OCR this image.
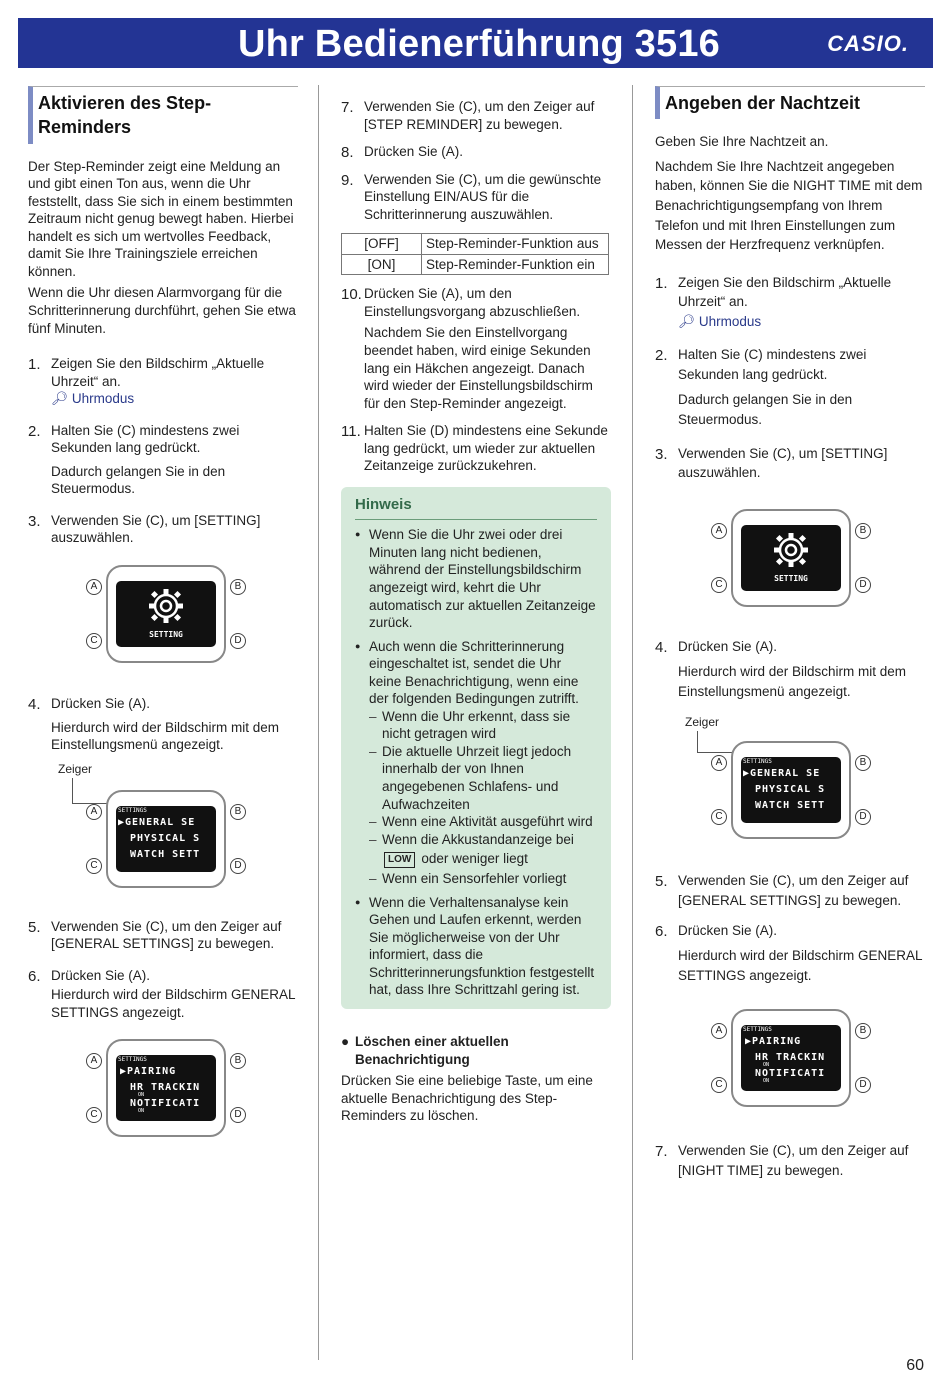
Uhr Bedienerführung 3516	CASIO.
Aktivieren des Step-Reminders

Der Step-Reminder zeigt eine Meldung an und gibt einen Ton aus, wenn die Uhr feststellt, dass Sie sich in einem bestimmten Zeitraum nicht genug bewegt haben. Hierbei handelt es sich um wertvolles Feedback, damit Sie Ihre Trainingsziele erreichen können.

Wenn die Uhr diesen Alarmvorgang für die Schritterinnerung durchführt, gehen Sie etwa fünf Minuten.

1. Zeigen Sie den Bildschirm „Aktuelle Uhrzeit“ an.
🔎︎ Uhrmodus
2. Halten Sie (C) mindestens zwei Sekunden lang gedrückt.
Dadurch gelangen Sie in den Steuermodus.
3. Verwenden Sie (C), um [SETTING] auszuwählen.
A	B
C	D
SETTING
4. Drücken Sie (A).
Hierdurch wird der Bildschirm mit dem Einstellungsmenü angezeigt.
Zeiger
A	B
C	D
SETTINGS
▶GENERAL SE
PHYSICAL S
WATCH SETT
5. Verwenden Sie (C), um den Zeiger auf [GENERAL SETTINGS] zu bewegen.
6. Drücken Sie (A).
Hierdurch wird der Bildschirm GENERAL SETTINGS angezeigt.
A	B
C	D
SETTINGS
▶PAIRING
HR TRACKIN
ON
NOTIFICATI
ON
7. Verwenden Sie (C), um den Zeiger auf [STEP REMINDER] zu bewegen.
8. Drücken Sie (A).
9. Verwenden Sie (C), um die gewünschte Einstellung EIN/AUS für die Schritterinnerung auszuwählen.
[OFF]	Step-Reminder-Funktion aus
[ON]	Step-Reminder-Funktion ein
10. Drücken Sie (A), um den Einstellungsvorgang abzuschließen.
Nachdem Sie den Einstellvorgang beendet haben, wird einige Sekunden lang ein Häkchen angezeigt. Danach wird wieder der Einstellungsbildschirm für den Step-Reminder angezeigt.
11. Halten Sie (D) mindestens eine Sekunde lang gedrückt, um wieder zur aktuellen Zeitanzeige zurückzukehren.
Hinweis
● Wenn Sie die Uhr zwei oder drei Minuten lang nicht bedienen, während der Einstellungsbildschirm angezeigt wird, kehrt die Uhr automatisch zur aktuellen Zeitanzeige zurück.
● Auch wenn die Schritterinnerung eingeschaltet ist, sendet die Uhr keine Benachrichtigung, wenn eine der folgenden Bedingungen zutrifft.
– Wenn die Uhr erkennt, dass sie nicht getragen wird
– Die aktuelle Uhrzeit liegt jedoch innerhalb der von Ihnen angegebenen Schlafens- und Aufwachzeiten
– Wenn eine Aktivität ausgeführt wird
– Wenn die Akkustandanzeige bei
LOW oder weniger liegt
– Wenn ein Sensorfehler vorliegt
● Wenn die Verhaltensanalyse kein Gehen und Laufen erkennt, werden Sie möglicherweise von der Uhr informiert, dass die Schritterinnerungsfunktion festgestellt hat, dass Ihre Schrittzahl gering ist.
● Löschen einer aktuellen Benachrichtigung

Drücken Sie eine beliebige Taste, um eine aktuelle Benachrichtigung des Step-Reminders zu löschen.

Angeben der Nachtzeit

Geben Sie Ihre Nachtzeit an.

Nachdem Sie Ihre Nachtzeit angegeben haben, können Sie die NIGHT TIME mit dem Benachrichtigungsempfang von Ihrem Telefon und mit Ihren Einstellungen zum Messen der Herzfrequenz verknüpfen.

1. Zeigen Sie den Bildschirm „Aktuelle Uhrzeit“ an.
🔎︎ Uhrmodus
2. Halten Sie (C) mindestens zwei Sekunden lang gedrückt.
Dadurch gelangen Sie in den Steuermodus.
3. Verwenden Sie (C), um [SETTING] auszuwählen.
A	B
C	D
SETTING
4. Drücken Sie (A).
Hierdurch wird der Bildschirm mit dem Einstellungsmenü angezeigt.
Zeiger
A	B
C	D
SETTINGS
▶GENERAL SE
PHYSICAL S
WATCH SETT
5. Verwenden Sie (C), um den Zeiger auf [GENERAL SETTINGS] zu bewegen.
6. Drücken Sie (A).
Hierdurch wird der Bildschirm GENERAL SETTINGS angezeigt.
A	B
C	D
SETTINGS
▶PAIRING
HR TRACKIN
ON
NOTIFICATI
ON
7. Verwenden Sie (C), um den Zeiger auf [NIGHT TIME] zu bewegen.
60
